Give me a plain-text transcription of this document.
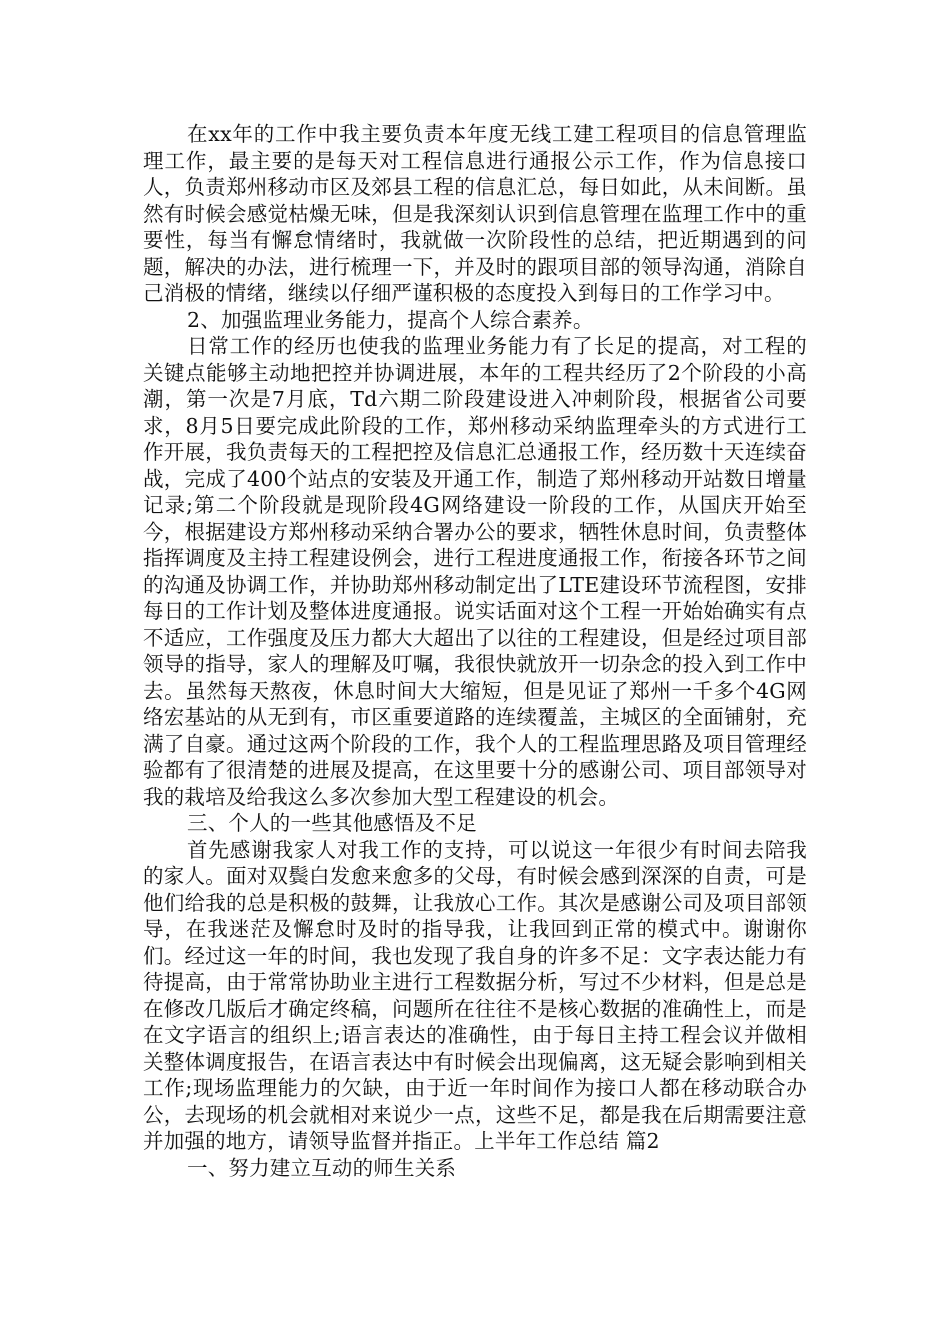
在xx年的工作中我主要负责本年度无线工建工程项目的信息管理监理工作，最主要的是每天对工程信息进行通报公示工作，作为信息接口人，负责郑州移动市区及郊县工程的信息汇总，每日如此，从未间断。虽然有时候会感觉枯燥无味，但是我深刻认识到信息管理在监理工作中的重要性，每当有懈怠情绪时，我就做一次阶段性的总结，把近期遇到的问题，解决的办法，进行梳理一下，并及时的跟项目部的领导沟通，消除自己消极的情绪，继续以仔细严谨积极的态度投入到每日的工作学习中。

2、加强监理业务能力，提高个人综合素养。

日常工作的经历也使我的监理业务能力有了长足的提高，对工程的关键点能够主动地把控并协调进展，本年的工程共经历了2个阶段的小高潮，第一次是7月底，Td六期二阶段建设进入冲刺阶段，根据省公司要求，8月5日要完成此阶段的工作，郑州移动采纳监理牵头的方式进行工作开展，我负责每天的工程把控及信息汇总通报工作，经历数十天连续奋战，完成了400个站点的安装及开通工作，制造了郑州移动开站数日增量记录;第二个阶段就是现阶段4G网络建设一阶段的工作，从国庆开始至今，根据建设方郑州移动采纳合署办公的要求，牺牲休息时间，负责整体指挥调度及主持工程建设例会，进行工程进度通报工作，衔接各环节之间的沟通及协调工作，并协助郑州移动制定出了LTE建设环节流程图，安排每日的工作计划及整体进度通报。说实话面对这个工程一开始始确实有点不适应，工作强度及压力都大大超出了以往的工程建设，但是经过项目部领导的指导，家人的理解及叮嘱，我很快就放开一切杂念的投入到工作中去。虽然每天熬夜，休息时间大大缩短，但是见证了郑州一千多个4G网络宏基站的从无到有，市区重要道路的连续覆盖，主城区的全面铺射，充满了自豪。通过这两个阶段的工作，我个人的工程监理思路及项目管理经验都有了很清楚的进展及提高，在这里要十分的感谢公司、项目部领导对我的栽培及给我这么多次参加大型工程建设的机会。

三、个人的一些其他感悟及不足

首先感谢我家人对我工作的支持，可以说这一年很少有时间去陪我的家人。面对双鬓白发愈来愈多的父母，有时候会感到深深的自责，可是他们给我的总是积极的鼓舞，让我放心工作。其次是感谢公司及项目部领导，在我迷茫及懈怠时及时的指导我，让我回到正常的模式中。谢谢你们。经过这一年的时间，我也发现了我自身的许多不足：文字表达能力有待提高，由于常常协助业主进行工程数据分析，写过不少材料，但是总是在修改几版后才确定终稿，问题所在往往不是核心数据的准确性上，而是在文字语言的组织上;语言表达的准确性，由于每日主持工程会议并做相关整体调度报告，在语言表达中有时候会出现偏离，这无疑会影响到相关工作;现场监理能力的欠缺，由于近一年时间作为接口人都在移动联合办公，去现场的机会就相对来说少一点，这些不足，都是我在后期需要注意并加强的地方，请领导监督并指正。上半年工作总结 篇2

一、努力建立互动的师生关系
